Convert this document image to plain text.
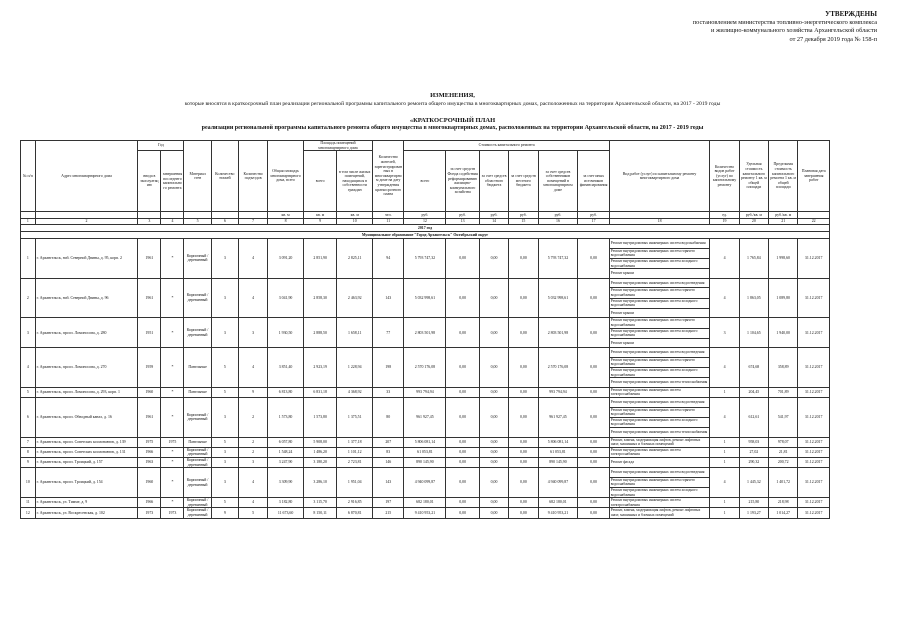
УТВЕРЖДЕНЫ
постановлением министерства топливно-энергетического комплекса
и жилищно-коммунального хозяйства Архангельской области
от 27 декабря 2019 года № 158-п
ИЗМЕНЕНИЯ,
которые вносятся в краткосрочный план реализации региональной программы капитального ремонта общего имущества в многоквартирных домах, расположенных на территории Архангельской области, на 2017 - 2019 годы
«КРАТКОСРОЧНЫЙ ПЛАН
реализации региональной программы капитального ремонта общего имущества в многоквартирных домах, расположенных на территории Архангельской области, на 2017 - 2019 годы
№ п/п	Адрес многоквартирного дома	Год		Материал стен	Количество этажей	Количество подъездов	Общая площадь многоквартирного дома, всего	Площадь помещений многоквартирного дома		Количество жителей, зарегистрированных в многоквартирном доме на дату утверждения краткосрочного плана	Стоимость капитального ремонта						Вид работ (услуг) по капитальному ремонту многоквартирного дома	Количество видов работ (услуг) по капитальному ремонту	Удельная стоимость капитального ремонту 1 кв. м общей площади	Предельная стоимость капитального ремонта 1 кв. м общей площади	Плановая дата завершения работ
		ввода в эксплуатацию	завершения последнего капитального ремонта					всего	в том числе жилых помещений, находящихся в собственности граждан		всего	за счет средств Фонда содействия реформированию жилищно-коммунального хозяйства	за счет средств областного бюджета	за счет средств местного бюджета	за счет средств собственников помещений в многоквартирном доме	за счет иных источников финансирования					
							кв. м	кв. м	кв. м	чел.	руб.	руб.	руб.	руб.	руб.	руб.		ед.	руб./кв. м	руб./кв. м	
1	2	3	4	5	6	7	8	9	10	11	12	13	14	15	16	17	18	19	20	21	22
2017 год																					
Муниципальное образование "Город Архангельск" Октябрьский округ																					
1	г. Архангельск, наб. Северной Двины, д. 95, корп. 2	1961	*	Кирпичный / деревянный	3	4	3 091,20	2 851,90	2 825,11	94	5 793 747,32	0,00	0,00	0,00	5 793 747,32	0,00	Ремонт внутридомовых инженерных систем водоснабжения	4	1 765,84	1 998,60	31.12.2017
																	Ремонт внутридомовых инженерных систем горячего водоснабжения				
																	Ремонт внутридомовых инженерных систем холодного водоснабжения				
																	Ремонт крыши				
2	г. Архангельск, наб. Северной Двины, д. 96	1961	*	Кирпичный / деревянный	3	4	3 041,90	2 858,30	2 463,92	143	5 032 998,61	0,00	0,00	0,00	5 032 998,61	0,00	Ремонт внутридомовых инженерных систем водоотведения	4	1 863,05	1 089,80	31.12.2017
																	Ремонт внутридомовых инженерных систем горячего водоснабжения				
																	Ремонт внутридомовых инженерных систем холодного водоснабжения				
																	Ремонт крыши				
3	г. Архангельск, просп. Ломоносова, д. 280	1951	*	Кирпичный / деревянный	3	3	1 930,50	2 888,50	1 658,11	77	2 803 501,98	0,00	0,00	0,00	2 803 501,98	0,00	Ремонт внутридомовых инженерных систем горячего водоснабжения	3	1 104,65	1 940,00	31.12.2017
																	Ремонт внутридомовых инженерных систем холодного водоснабжения				
																	Ремонт крыши				
4	г. Архангельск, просп. Ломоносова, д. 270	1959	*	Панельные	5	4	3 851,40	2 923,19	1 228,94	198	2 570 176,08	0,00	0,00	0,00	2 570 176,08	0,00	Ремонт внутридомовых инженерных систем водоотведения	4	674,68	358,89	31.12.2017
																	Ремонт внутридомовых инженерных систем горячего водоснабжения				
																	Ремонт внутридомовых инженерных систем холодного водоснабжения				
																	Ремонт внутридомовых инженерных систем теплоснабжения				
5	г. Архангельск, просп. Ломоносова, д. 293, корп. 1	1960	*	Панельные	5	9	6 813,80	6 831,18	4 368,92	33	993 794,94	0,00	0,00	0,00	993 794,94	0,00	Ремонт внутридомовых инженерных систем электроснабжения	1	204,45	701,89	31.12.2017
6	г. Архангельск, просп. Обводный канал, д. 16	1961	*	Кирпичный / деревянный	3	2	1 573,80	1 573,80	1 375,51	80	961 927,45	0,00	0,00	0,00	961 927,45	0,00	Ремонт внутридомовых инженерных систем водоотведения	4	612,61	541,97	31.12.2017
																	Ремонт внутридомовых инженерных систем горячего водоснабжения				
																	Ремонт внутридомовых инженерных систем холодного водоснабжения				
																	Ремонт внутридомовых инженерных систем теплоснабжения				
7	г. Архангельск, просп. Советских космонавтов, д. 139	1975	1975	Панельные	5	2	6 057,80	5 908,00	1 377,18	207	5 806 081,14	0,00	0,00	0,00	5 806 081,14	0,00	Ремонт, замена, модернизация лифтов, ремонт лифтовых шахт, машинных и блочных помещений	1	958,03	978,07	31.12.2017
8	г. Архангельск, просп. Советских космонавтов, д. 131	1966	*	Кирпичный / деревянный	3	2	1 548,24	1 486,20	1 101,12	83	61 053,81	0,00	0,00	0,00	61 053,81	0,00	Ремонт внутридомовых инженерных систем электроснабжения	1	27,02	21,81	31.12.2017
9	г. Архангельск, просп. Троицкий, д. 157	1963	*	Кирпичный / деревянный	3	3	3 247,90	3 180,20	2 723,81	146	890 145,90	0,00	0,00	0,00	890 145,90	0,00	Ремонт фасада	1	290,32	200,72	31.12.2017
10	г. Архангельск, просп. Троицкий, д. 154	1960	*	Кирпичный / деревянный	3	4	3 309,90	3 286,10	1 951,04	143	4 940 099,87	0,00	0,00	0,00	4 940 099,87	0,00	Ремонт внутридомовых инженерных систем водоотведения	4	1 445,32	1 401,72	31.12.2017
																	Ремонт внутридомовых инженерных систем горячего водоснабжения				
																	Ремонт внутридомовых инженерных систем холодного водоснабжения				
11	г. Архангельск, ул. Тимме, д. 9	1966	*	Кирпичный / деревянный	5	4	3 182,80	3 115,70	2 916,85	197	682 180,01	0,00	0,00	0,00	682 180,01	0,00	Ремонт внутридомовых инженерных систем электроснабжения	1	215,80	218,98	31.12.2017
12	г. Архангельск, ул. Воскресенская, д. 102	1973	1973	Кирпичный / деревянный	9	5	11 673,60	8 150,11	6 870,81	215	9 410 953,21	0,00	0,00	0,00	9 410 953,21	0,00	Ремонт, замена, модернизация лифтов, ремонт лифтовых шахт, машинных и блочных помещений	1	1 193,27	1 014,27	31.12.2017
